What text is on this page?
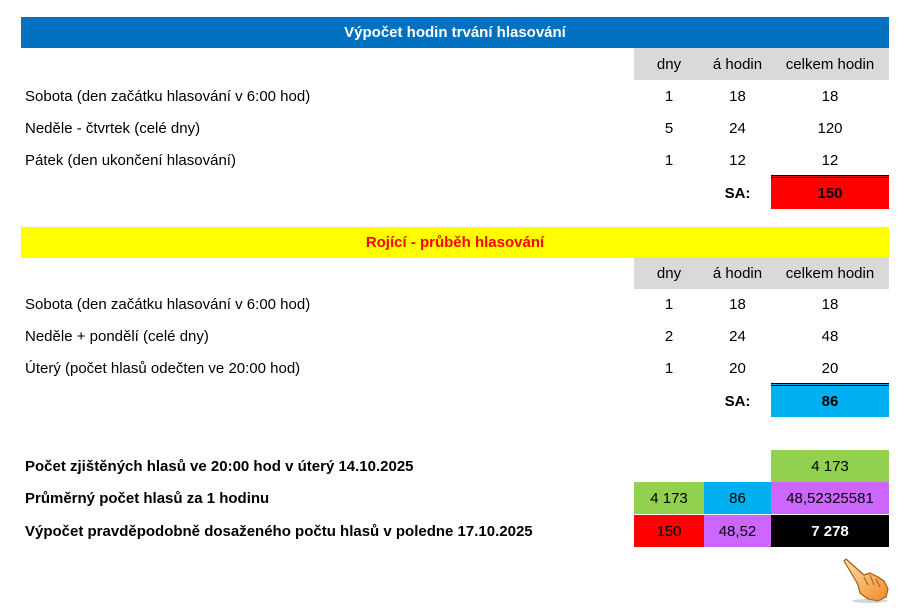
Výpočet hodin trvání hlasování
dny	á hodin	celkem hodin
Sobota (den začátku hlasování v 6:00 hod)	1	18	18
Neděle - čtvrtek (celé dny)	5	24	120
Pátek (den ukončení hlasování)	1	12	12
SA:	150
Rojící - průběh hlasování
dny	á hodin	celkem hodin
Sobota (den začátku hlasování v 6:00 hod)	1	18	18
Neděle + pondělí (celé dny)	2	24	48
Úterý (počet hlasů odečten ve 20:00 hod)	1	20	20
SA:	86
Počet zjištěných hlasů ve 20:00 hod v úterý 14.10.2025	4 173
Průměrný počet hlasů za 1 hodinu	4 173	86	48,52325581
Výpočet pravděpodobně dosaženého počtu hlasů v poledne 17.10.2025	150	48,52	7 278
